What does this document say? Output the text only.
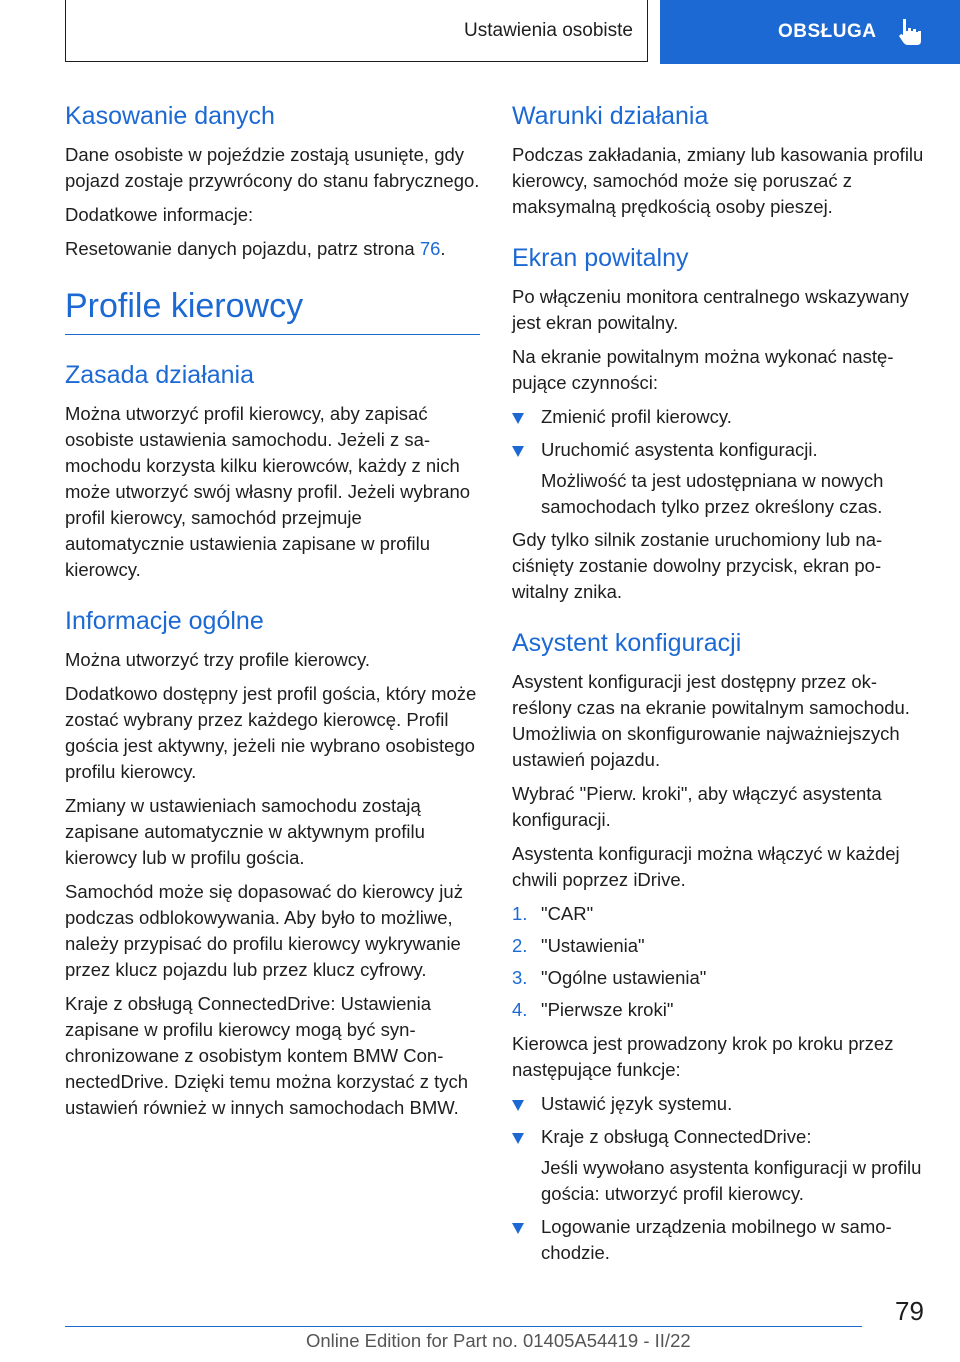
Ustawienia osobiste	OBSŁUGA
Kasowanie danych

Dane osobiste w pojeździe zostają usunięte, gdy pojazd zostaje przywrócony do stanu fabrycznego.

Dodatkowe informacje:

Resetowanie danych pojazdu, patrz strona 76.

Profile kierowcy
Zasada działania

Można utworzyć profil kierowcy, aby zapisać osobiste ustawienia samochodu. Jeżeli z samochodu korzysta kilku kierowców, każdy z nich może utworzyć swój własny profil. Jeżeli wybrano profil kierowcy, samochód przejmuje automatycznie ustawienia zapisane w profilu kierowcy.

Informacje ogólne

Można utworzyć trzy profile kierowcy.

Dodatkowo dostępny jest profil gościa, który może zostać wybrany przez każdego kierowcę. Profil gościa jest aktywny, jeżeli nie wybrano osobistego profilu kierowcy.

Zmiany w ustawieniach samochodu zostają zapisane automatycznie w aktywnym profilu kierowcy lub w profilu gościa.

Samochód może się dopasować do kierowcy już podczas odblokowywania. Aby było to możliwe, należy przypisać do profilu kierowcy wykrywanie przez klucz pojazdu lub przez klucz cyfrowy.

Kraje z obsługą ConnectedDrive: Ustawienia zapisane w profilu kierowcy mogą być synchronizowane z osobistym kontem BMW ConnectedDrive. Dzięki temu można korzystać z tych ustawień również w innych samochodach BMW.

Warunki działania

Podczas zakładania, zmiany lub kasowania profilu kierowcy, samochód może się poruszać z maksymalną prędkością osoby pieszej.

Ekran powitalny

Po włączeniu monitora centralnego wskazywany jest ekran powitalny.

Na ekranie powitalnym można wykonać następujące czynności:

Zmienić profil kierowcy.
Uruchomić asystenta konfiguracji.
Możliwość ta jest udostępniana w nowych samochodach tylko przez określony czas.

Gdy tylko silnik zostanie uruchomiony lub naciśnięty zostanie dowolny przycisk, ekran powitalny znika.

Asystent konfiguracji

Asystent konfiguracji jest dostępny przez określony czas na ekranie powitalnym samochodu. Umożliwia on skonfigurowanie najważniejszych ustawień pojazdu.

Wybrać "Pierw. kroki", aby włączyć asystenta konfiguracji.

Asystenta konfiguracji można włączyć w każdej chwili poprzez iDrive.

1. "CAR"
2. "Ustawienia"
3. "Ogólne ustawienia"
4. "Pierwsze kroki"

Kierowca jest prowadzony krok po kroku przez następujące funkcje:

Ustawić język systemu.
Kraje z obsługą ConnectedDrive:
Jeśli wywołano asystenta konfiguracji w profilu gościa: utworzyć profil kierowcy.
Logowanie urządzenia mobilnego w samochodzie.
79
Online Edition for Part no. 01405A54419 - II/22
